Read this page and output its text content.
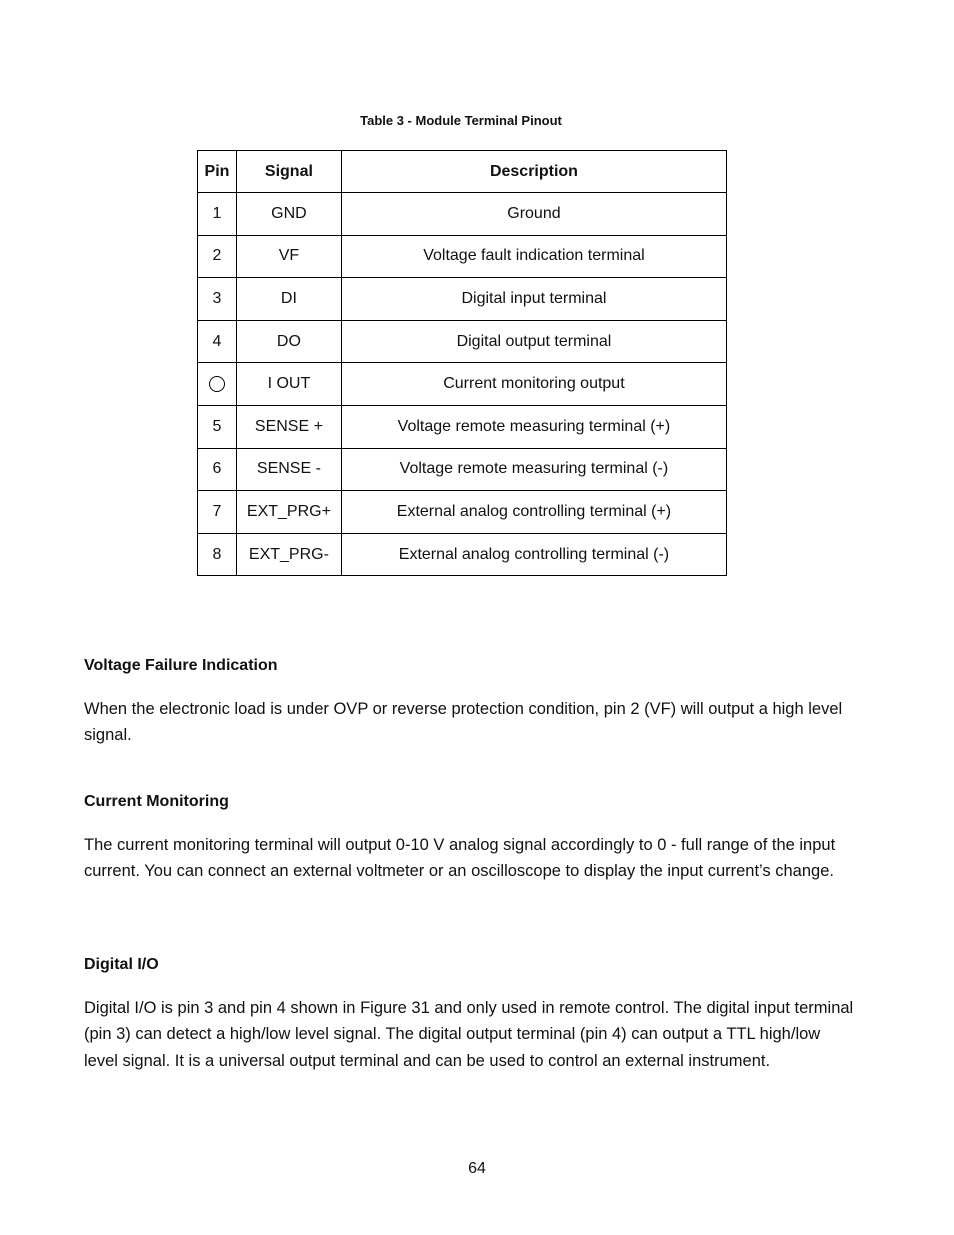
Table 3 - Module Terminal Pinout
Pin	Signal	Description
1	GND	Ground
2	VF	Voltage fault indication terminal
3	DI	Digital input terminal
4	DO	Digital output terminal
	I OUT	Current monitoring output
5	SENSE +	Voltage remote measuring terminal (+)
6	SENSE -	Voltage remote measuring terminal (-)
7	EXT_PRG+	External analog controlling terminal (+)
8	EXT_PRG-	External analog controlling terminal (-)
Voltage Failure Indication
When the electronic load is under OVP or reverse protection condition, pin 2 (VF) will output a high level signal.
Current Monitoring
The current monitoring terminal will output 0-10 V analog signal accordingly to 0 - full range of the input current. You can connect an external voltmeter or an oscilloscope to display the input current’s change.
Digital I/O
Digital I/O is pin 3 and pin 4 shown in Figure 31 and only used in remote control. The digital input terminal (pin 3) can detect a high/low level signal. The digital output terminal (pin 4) can output a TTL high/low level signal. It is a universal output terminal and can be used to control an external instrument.
64
